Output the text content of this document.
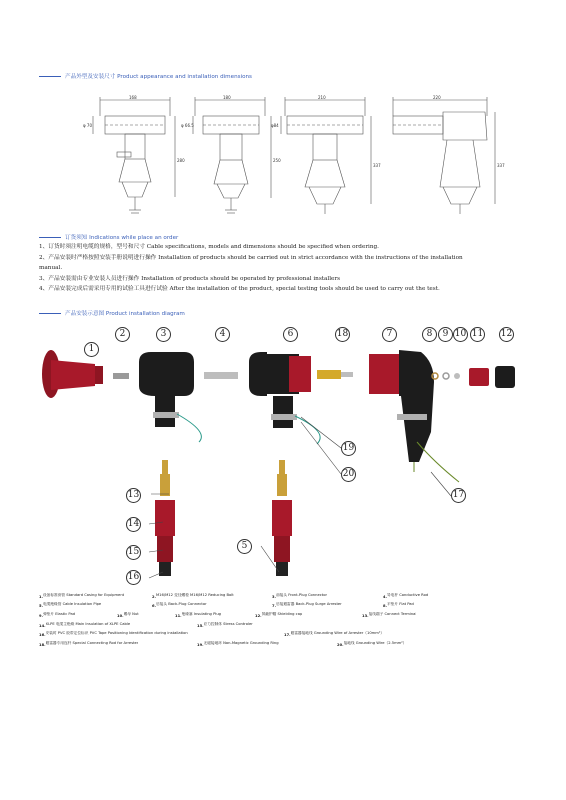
产品外型及安装尺寸 Product appearance and installation dimensions
168
φ 70
280
180
φ 66.5
250
210
φ84
337
220
337
订货须知 Indications while place an order
1、订货时须注明电缆的规格，型号和尺寸 Cable specifications, models and dimensions should be specified when ordering.
2、产品安装时严格按照安装手册说明进行操作 Installation of products should be carried out in strict accordance with the instructions of the installation
manual.
3、产品安装需由专业安装人员进行操作 Installation of products should be operated by professional installers
4、产品安装完成后需采用专用的试验工具进行试验 After the installation of the product, special testing tools should be used to carry out the test.
产品安装示意图 Product installation diagram
1
2	3	4	6	18	7	8	9 10 11 12
19
20
17
13
14
15
16
5
1.设备标准套管 Standard Casing for Equipment	2.M16/M12 变径螺栓 M16/M12 Reducing Bolt	3.前接头 Front-Plug Connector	4.导电杆 Conductive Rod
5.电缆绝缘管 Cable Insulation Pipe	6.后接头 Back-Plug Connector	7.后接避雷器 Back-Plug Surge Arrester	8.平垫片 Flat Pad
9.弹垫片 Elastic Pad	10.螺母 Nut	11.绝缘塞 Insulating Plug	12.屏蔽护帽 Shielding cap	13.接线端子 Connect Terminal
14.XLPE 电缆主绝缘 Main Insulation of XLPE Cable	15.应力控制体 Stress Controler
16.安装时 PVC 胶带定位标识 PVC Tape Positioning Identification during installation	17.避雷器接地线 Grounding Wire of Arrester（10mm²）
18.避雷器专用连杆 Special Connecting Rod for Arrester	19.无磁接地环 Non-Magnetic Grounding Ring	20.接地线 Grounding Wire（2.5mm²）
